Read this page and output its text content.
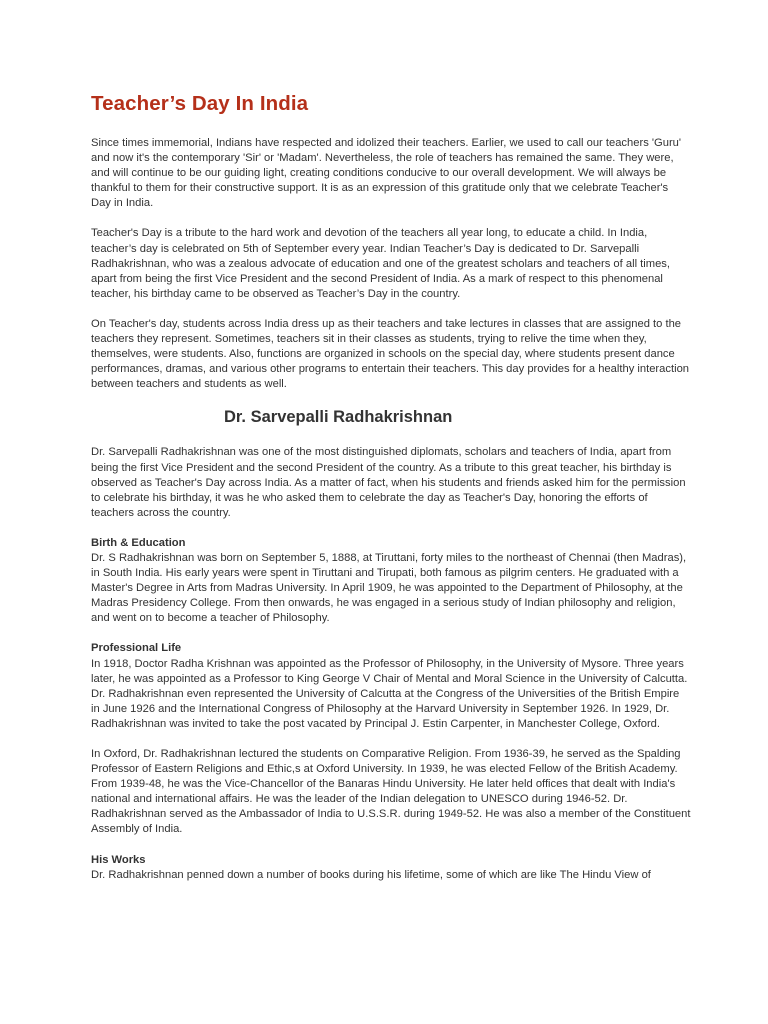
Teacher’s Day In India

Since times immemorial, Indians have respected and idolized their teachers. Earlier, we used to call our teachers 'Guru' and now it's the contemporary 'Sir' or 'Madam'. Nevertheless, the role of teachers has remained the same. They were, and will continue to be our guiding light, creating conditions conducive to our overall development. We will always be thankful to them for their constructive support. It is as an expression of this gratitude only that we celebrate Teacher's Day in India.

Teacher's Day is a tribute to the hard work and devotion of the teachers all year long, to educate a child. In India, teacher’s day is celebrated on 5th of September every year. Indian Teacher’s Day is dedicated to Dr. Sarvepalli Radhakrishnan, who was a zealous advocate of education and one of the greatest scholars and teachers of all times, apart from being the first Vice President and the second President of India. As a mark of respect to this phenomenal teacher, his birthday came to be observed as Teacher’s Day in the country.

On Teacher's day, students across India dress up as their teachers and take lectures in classes that are assigned to the teachers they represent. Sometimes, teachers sit in their classes as students, trying to relive the time when they, themselves, were students. Also, functions are organized in schools on the special day, where students present dance performances, dramas, and various other programs to entertain their teachers. This day provides for a healthy interaction between teachers and students as well.

Dr. Sarvepalli Radhakrishnan

Dr. Sarvepalli Radhakrishnan was one of the most distinguished diplomats, scholars and teachers of India, apart from being the first Vice President and the second President of the country. As a tribute to this great teacher, his birthday is observed as Teacher's Day across India. As a matter of fact, when his students and friends asked him for the permission to celebrate his birthday, it was he who asked them to celebrate the day as Teacher's Day, honoring the efforts of teachers across the country.

Birth & Education

Dr. S Radhakrishnan was born on September 5, 1888, at Tiruttani, forty miles to the northeast of Chennai (then Madras), in South India. His early years were spent in Tiruttani and Tirupati, both famous as pilgrim centers. He graduated with a Master's Degree in Arts from Madras University. In April 1909, he was appointed to the Department of Philosophy, at the Madras Presidency College. From then onwards, he was engaged in a serious study of Indian philosophy and religion, and went on to become a teacher of Philosophy.

Professional Life

In 1918, Doctor Radha Krishnan was appointed as the Professor of Philosophy, in the University of Mysore. Three years later, he was appointed as a Professor to King George V Chair of Mental and Moral Science in the University of Calcutta. Dr. Radhakrishnan even represented the University of Calcutta at the Congress of the Universities of the British Empire in June 1926 and the International Congress of Philosophy at the Harvard University in September 1926. In 1929, Dr. Radhakrishnan was invited to take the post vacated by Principal J. Estin Carpenter, in Manchester College, Oxford.

In Oxford, Dr. Radhakrishnan lectured the students on Comparative Religion. From 1936-39, he served as the Spalding Professor of Eastern Religions and Ethic,s at Oxford University. In 1939, he was elected Fellow of the British Academy. From 1939-48, he was the Vice-Chancellor of the Banaras Hindu University. He later held offices that dealt with India's national and international affairs. He was the leader of the Indian delegation to UNESCO during 1946-52. Dr. Radhakrishnan served as the Ambassador of India to U.S.S.R. during 1949-52. He was also a member of the Constituent Assembly of India.

His Works

Dr. Radhakrishnan penned down a number of books during his lifetime, some of which are like The Hindu View of
